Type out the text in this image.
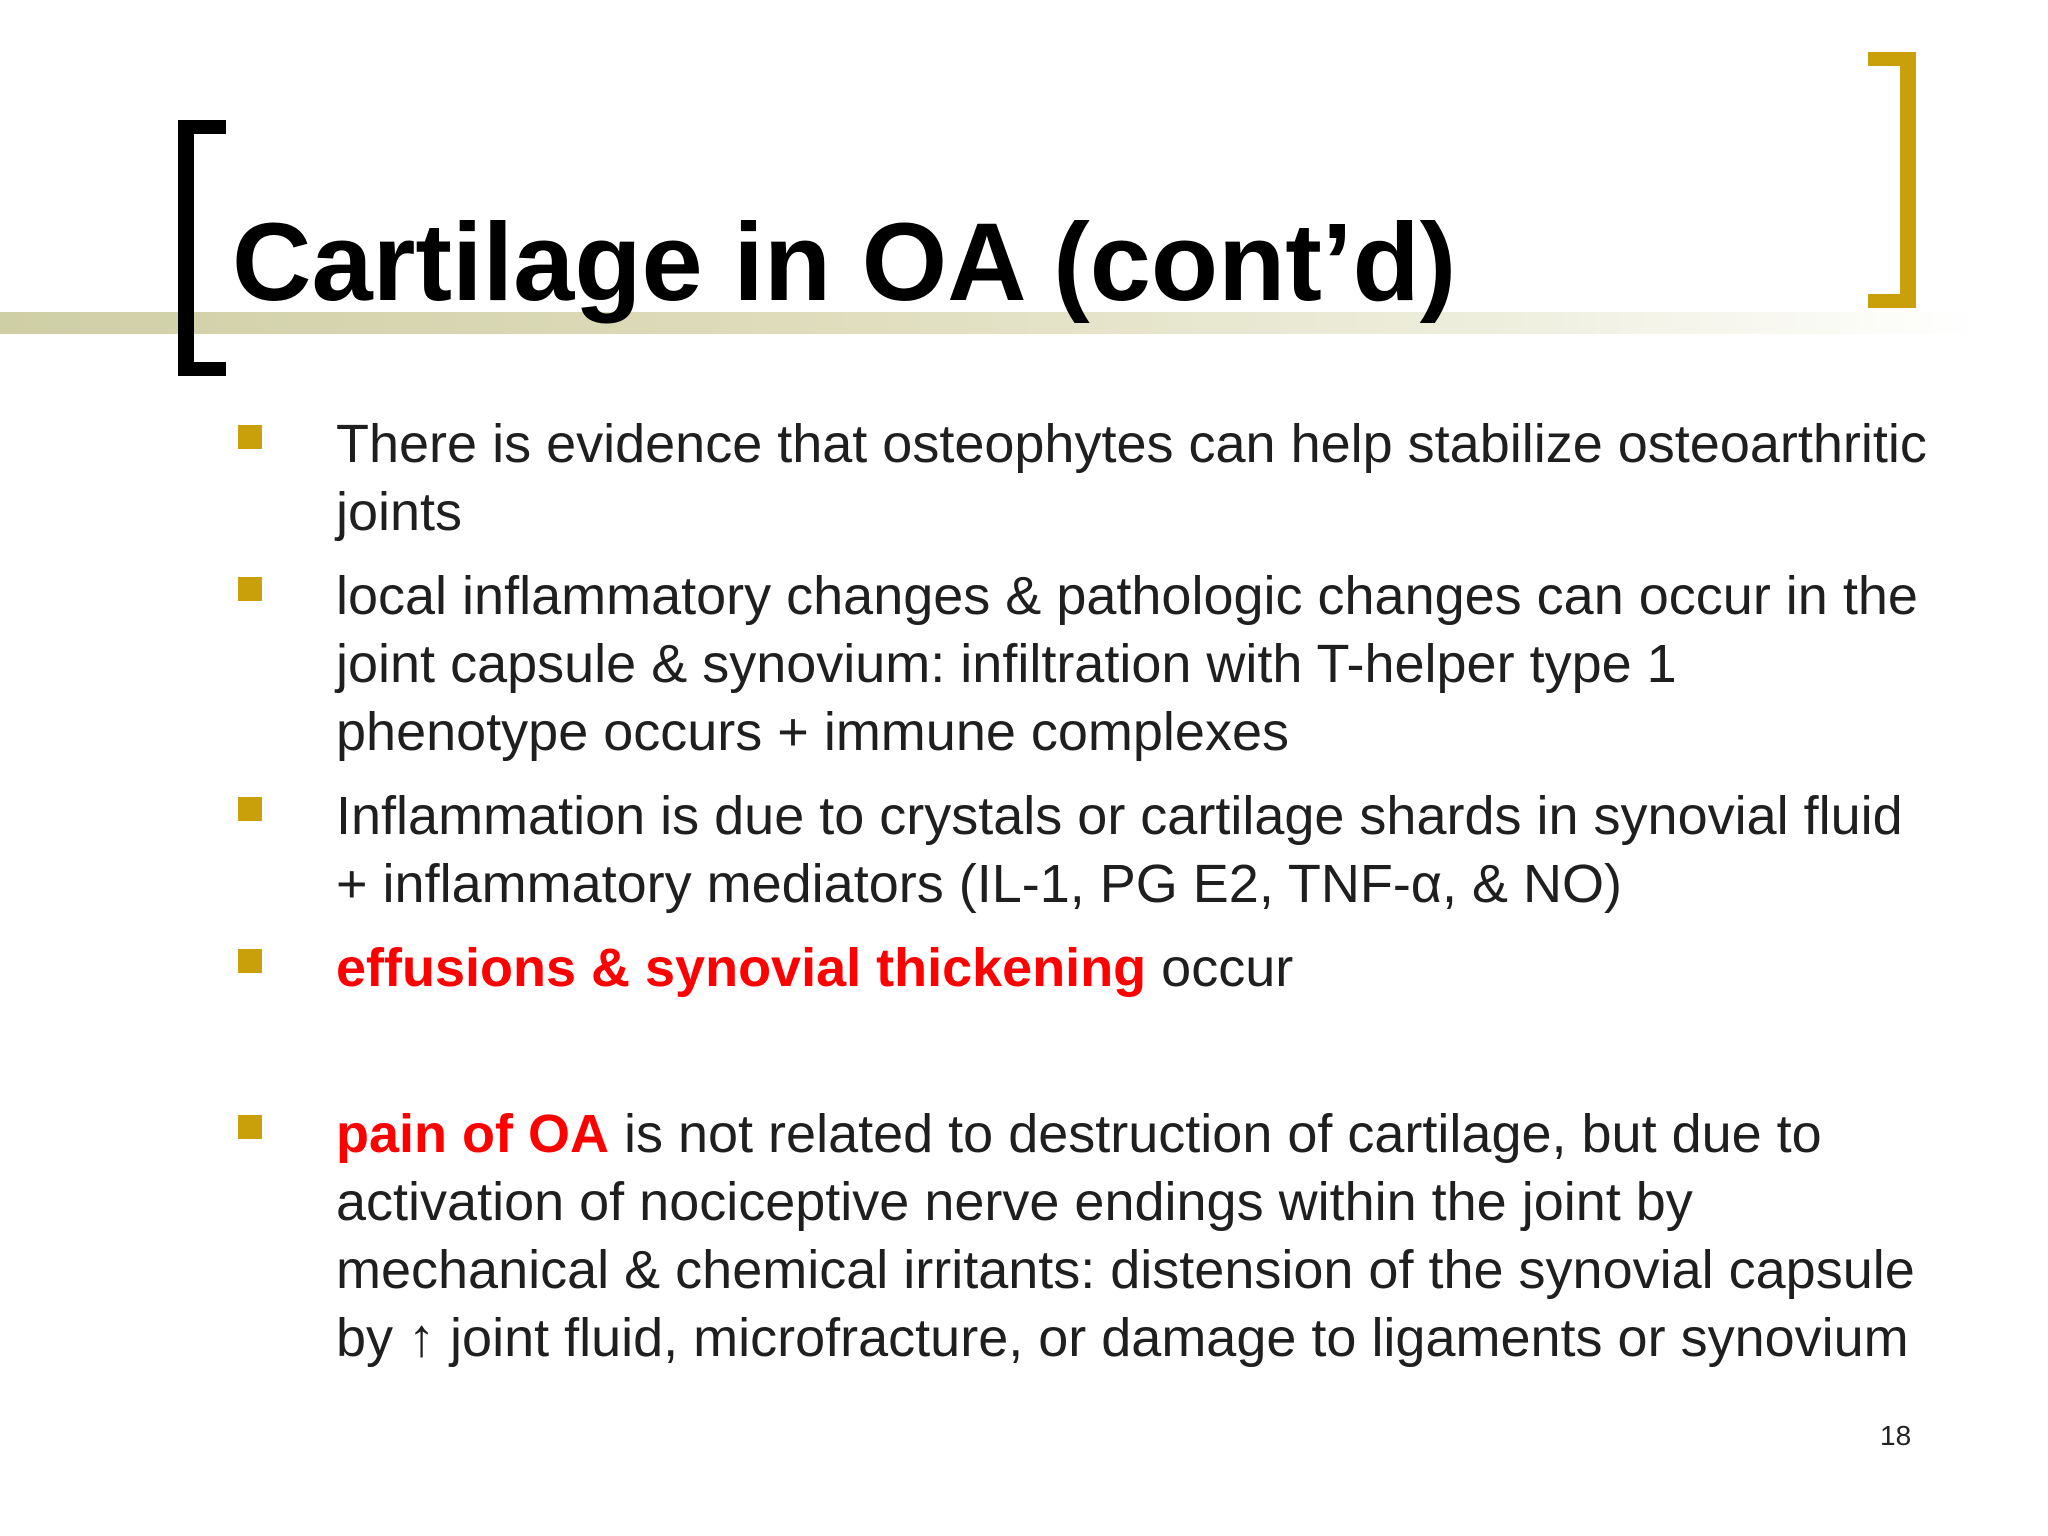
Cartilage in OA (cont’d)
There is evidence that osteophytes can help stabilize osteoarthritic joints
local inflammatory changes & pathologic changes can occur in the joint capsule & synovium: infiltration with T-helper type 1 phenotype occurs + immune complexes
Inflammation is due to crystals or cartilage shards in synovial fluid + inflammatory mediators (IL-1, PG E2, TNF-α, & NO)
effusions & synovial thickening occur
pain of OA is not related to destruction of cartilage, but due to activation of nociceptive nerve endings within the joint by mechanical & chemical irritants: distension of the synovial capsule by ↑ joint fluid, microfracture, or damage to ligaments or synovium
18
